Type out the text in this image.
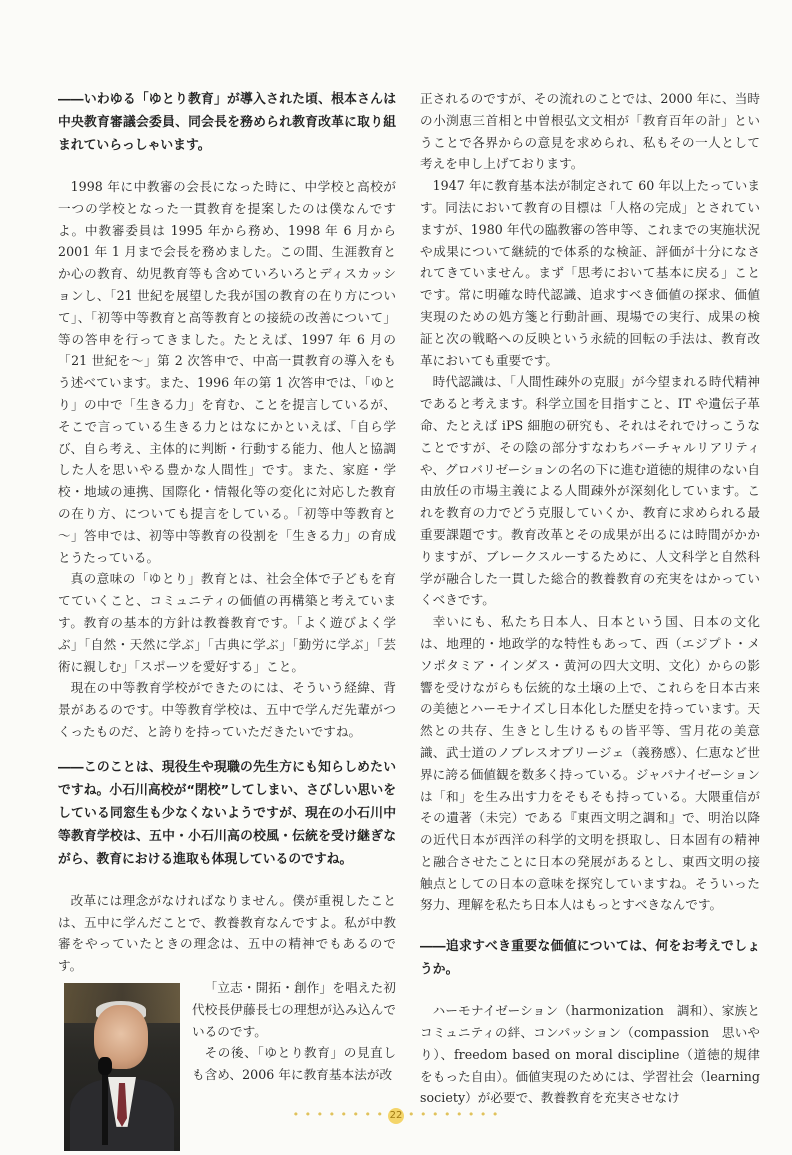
――いわゆる「ゆとり教育」が導入された頃、根本さんは中央教育審議会委員、同会長を務められ教育改革に取り組まれていらっしゃいます。

1998 年に中教審の会長になった時に、中学校と高校が一つの学校となった一貫教育を提案したのは僕なんですよ。中教審委員は 1995 年から務め、1998 年 6 月から 2001 年 1 月まで会長を務めました。この間、生涯教育とか心の教育、幼児教育等も含めていろいろとディスカッションし、「21 世紀を展望した我が国の教育の在り方について」、「初等中等教育と高等教育との接続の改善について」等の答申を行ってきました。たとえば、1997 年 6 月の「21 世紀を～」第 2 次答申で、中高一貫教育の導入をもう述べています。また、1996 年の第 1 次答申では、「ゆとり」の中で「生きる力」を育む、ことを提言しているが、そこで言っている生きる力とはなにかといえば、「自ら学び、自ら考え、主体的に判断・行動する能力、他人と協調した人を思いやる豊かな人間性」です。また、家庭・学校・地域の連携、国際化・情報化等の変化に対応した教育の在り方、についても提言をしている。「初等中等教育と～」答申では、初等中等教育の役割を「生きる力」の育成とうたっている。

真の意味の「ゆとり」教育とは、社会全体で子どもを育てていくこと、コミュニティの価値の再構築と考えています。教育の基本的方針は教養教育です。「よく遊びよく学ぶ」「自然・天然に学ぶ」「古典に学ぶ」「勤労に学ぶ」「芸術に親しむ」「スポーツを愛好する」こと。

現在の中等教育学校ができたのには、そういう経緯、背景があるのです。中等教育学校は、五中で学んだ先輩がつくったものだ、と誇りを持っていただきたいですね。

――このことは、現役生や現職の先生方にも知らしめたいですね。小石川高校が“閉校”してしまい、さびしい思いをしている同窓生も少なくないようですが、現在の小石川中等教育学校は、五中・小石川高の校風・伝統を受け継ぎながら、教育における進取も体現しているのですね。

改革には理念がなければなりません。僕が重視したことは、五中に学んだことで、教養教育なんですよ。私が中教審をやっていたときの理念は、五中の精神でもあるのです。

「立志・開拓・創作」を唱えた初代校長伊藤長七の理想が込み込んでいるのです。

その後、「ゆとり教育」の見直しも含め、2006 年に教育基本法が改

正されるのですが、その流れのことでは、2000 年に、当時の小渕恵三首相と中曽根弘文文相が「教育百年の計」ということで各界からの意見を求められ、私もその一人として考えを申し上げております。

1947 年に教育基本法が制定されて 60 年以上たっています。同法において教育の目標は「人格の完成」とされていますが、1980 年代の臨教審の答申等、これまでの実施状況や成果について継続的で体系的な検証、評価が十分になされてきていません。まず「思考において基本に戻る」ことです。常に明確な時代認識、追求すべき価値の探求、価値実現のための処方箋と行動計画、現場での実行、成果の検証と次の戦略への反映という永続的回転の手法は、教育改革においても重要です。

時代認識は、「人間性疎外の克服」が今望まれる時代精神であると考えます。科学立国を目指すこと、IT や遺伝子革命、たとえば iPS 細胞の研究も、それはそれでけっこうなことですが、その陰の部分すなわちバーチャルリアリティや、グロバリゼーションの名の下に進む道徳的規律のない自由放任の市場主義による人間疎外が深刻化しています。これを教育の力でどう克服していくか、教育に求められる最重要課題です。教育改革とその成果が出るには時間がかかりますが、ブレークスルーするために、人文科学と自然科学が融合した一貫した総合的教養教育の充実をはかっていくべきです。

幸いにも、私たち日本人、日本という国、日本の文化は、地理的・地政学的な特性もあって、西（エジプト・メソポタミア・インダス・黄河の四大文明、文化）からの影響を受けながらも伝統的な土壌の上で、これらを日本古来の美徳とハーモナイズし日本化した歴史を持っています。天然との共存、生きとし生けるもの皆平等、雪月花の美意識、武士道のノブレスオブリージェ（義務感）、仁恵など世界に誇る価値観を数多く持っている。ジャパナイゼーションは「和」を生み出す力をそもそも持っている。大隈重信がその遺著（未完）である『東西文明之調和』で、明治以降の近代日本が西洋の科学的文明を摂取し、日本固有の精神と融合させたことに日本の発展があるとし、東西文明の接触点としての日本の意味を探究していますね。そういった努力、理解を私たち日本人はもっとすべきなんです。

――追求すべき重要な価値については、何をお考えでしょうか。

ハーモナイゼーション（harmonization　調和）、家族とコミュニティの絆、コンパッション（compassion　思いやり）、freedom based on moral discipline（道徳的規律をもった自由）。価値実現のためには、学習社会（learning society）が必要で、教養教育を充実させなけ

• • • • • • • • 22 • • • • • • • •
